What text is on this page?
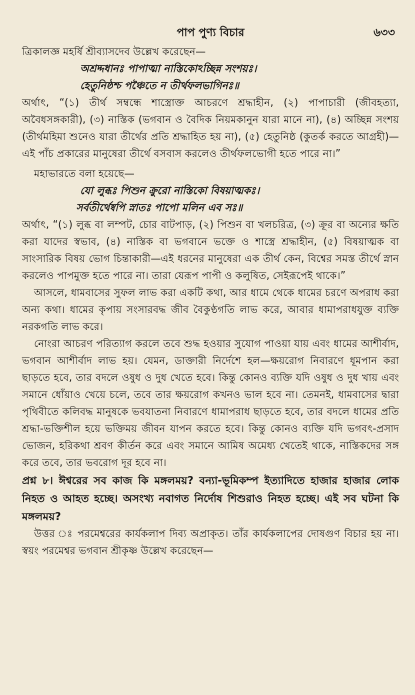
পাপ পুণ্য বিচার	৬৩৩

ত্রিকালজ্ঞ মহর্ষি শ্রীব্যাসদেব উল্লেখ করেছেন—

অশ্রদ্দধানঃ পাপাত্মা নাস্তিকোঽচ্ছিন্ন সংশয়ঃ।

হেতুনিষ্ঠশ্চ পঞ্চৈতে ন তীর্থফলভাগিনঃ॥

অর্থাৎ, “(১) তীর্থ সম্বন্ধে শাস্ত্রোক্ত আচরণে শ্রদ্ধাহীন, (২) পাপাচারী (জীবহত্যা, অবৈধসঙ্গকারী), (৩) নাস্তিক (ভগবান ও বৈদিক নিয়মকানুন যারা মানে না), (৪) অচ্ছিন্ন সংশয় (তীর্থমহিমা শুনেও যারা তীর্থের প্রতি শ্রদ্ধাহিত হয় না), (৫) হেতুনিষ্ঠ (কুতর্ক করতে আগ্রহী)—এই পাঁচ প্রকারের মানুষেরা তীর্থে বসবাস করলেও তীর্থফলভোগী হতে পারে না।”

মহাভারতে বলা হয়েছে—

যো লুব্ধঃ পিশুন ক্রুরো নাস্তিকো বিষয়াত্মকঃ।

সর্বতীর্থেষ্বপি স্নাতঃ পাপো মলিন এব সঃ॥

অর্থাৎ, “(১) লুব্ধ বা লম্পট, চোর বাটপাড়, (২) পিশুন বা খলচরিত্র, (৩) ক্রূর বা অন্যের ক্ষতি করা যাদের স্বভাব, (৪) নাস্তিক বা ভগবানে ভক্তে ও শাস্ত্রে শ্রদ্ধাহীন, (৫) বিষয়াত্মক বা সাংসারিক বিষয় ভোগ চিন্তাকারী—এই ধরনের মানুষেরা এক তীর্থ কেন, বিশ্বের সমস্ত তীর্থে স্নান করলেও পাপমুক্ত হতে পারে না। তারা যেরূপ পাপী ও কলুষিত, সেইরূপেই থাকে।”

আসলে, ধামবাসের সুফল লাভ করা একটি কথা, আর ধামে থেকে ধামের চরণে অপরাধ করা অন্য কথা। ধামের কৃপায় সংসারবদ্ধ জীব বৈকুণ্ঠগতি লাভ করে, আবার ধামাপরাধযুক্ত ব্যক্তি নরকগতি লাভ করে।

নোংরা আচরণ পরিত্যাগ করলে তবে শুদ্ধ হওয়ার সুযোগ পাওয়া যায় এবং ধামের আশীর্বাদ, ভগবান আশীর্বাদ লাভ হয়। যেমন, ডাক্তারী নির্দেশে হল—ক্ষয়রোগ নিবারণে ধূমপান করা ছাড়তে হবে, তার বদলে ওষুধ ও দুধ খেতে হবে। কিন্তু কোনও ব্যক্তি যদি ওষুধ ও দুধ খায় এবং সমানে ধোঁয়াও খেয়ে চলে, তবে তার ক্ষয়রোগ কখনও ভাল হবে না। তেমনই, ধামবাসের দ্বারা পৃথিবীতে কলিবদ্ধ মানুষকে ভবযাতনা নিবারণে ধামাপরাধ ছাড়তে হবে, তার বদলে ধামের প্রতি শ্রদ্ধা-ভক্তিশীল হয়ে ভক্তিময় জীবন যাপন করতে হবে। কিন্তু কোনও ব্যক্তি যদি ভগবৎ-প্রসাদ ভোজন, হরিকথা শ্রবণ কীর্তন করে এবং সমানে আমিষ অমেধ্য খেতেই থাকে, নাস্তিকদের সঙ্গ করে তবে, তার ভবরোগ দূর হবে না।

প্রশ্ন ৮। ঈশ্বরের সব কাজ কি মঙ্গলময়? বন্যা-ভূমিকম্প ইত্যাদিতে হাজার হাজার লোক নিহত ও আহত হচ্ছে। অসংখ্য নবাগত নির্দোষ শিশুরাও নিহত হচ্ছে। এই সব ঘটনা কি মঙ্গলময়?

উত্তর ঃ পরমেশ্বরের কার্যকলাপ দিব্য অপ্রাকৃত। তাঁর কার্যকলাপের দোষগুণ বিচার হয় না। স্বয়ং পরমেশ্বর ভগবান শ্রীকৃষ্ণ উল্লেখ করেছেন—
